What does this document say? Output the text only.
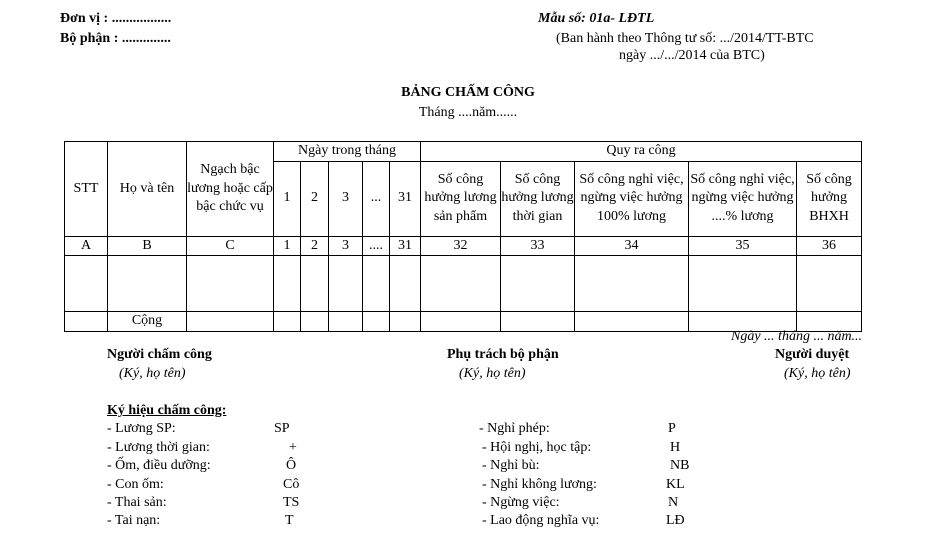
Đơn vị : .................
Bộ phận : ..............
Mẫu số: 01a- LĐTL
(Ban hành theo Thông tư số: .../2014/TT-BTC
ngày .../.../2014 của BTC)
BẢNG CHẤM CÔNG
Tháng ....năm......
STT	Họ và tên	Ngạch bậc lương hoặc cấp bậc chức vụ	Ngày trong tháng					Quy ra công				
			1	2	3	...	31	Số công hưởng lương sản phẩm	Số công hưởng lương thời gian	Số công nghỉ việc, ngừng việc hưởng 100% lương	Số công nghỉ việc, ngừng việc hưởng ....% lương	Số công hưởng BHXH
A	B	C	1	2	3	....	31	32	33	34	35	36

	Cộng											
Ngày ... tháng ... năm...
Người chấm công
(Ký, họ tên)
Phụ trách bộ phận
(Ký, họ tên)
Người duyệt
(Ký, họ tên)
Ký hiệu chấm công:
- Lương SP:	SP
- Lương thời gian:	+
- Ốm, điều dưỡng:	Ô
- Con ốm:	Cô
- Thai sản:	TS
- Tai nạn:	T
- Nghỉ phép:	P
- Hội nghị, học tập:	H
- Nghỉ bù:	NB
- Nghỉ không lương:	KL
- Ngừng việc:	N
- Lao động nghĩa vụ:	LĐ
